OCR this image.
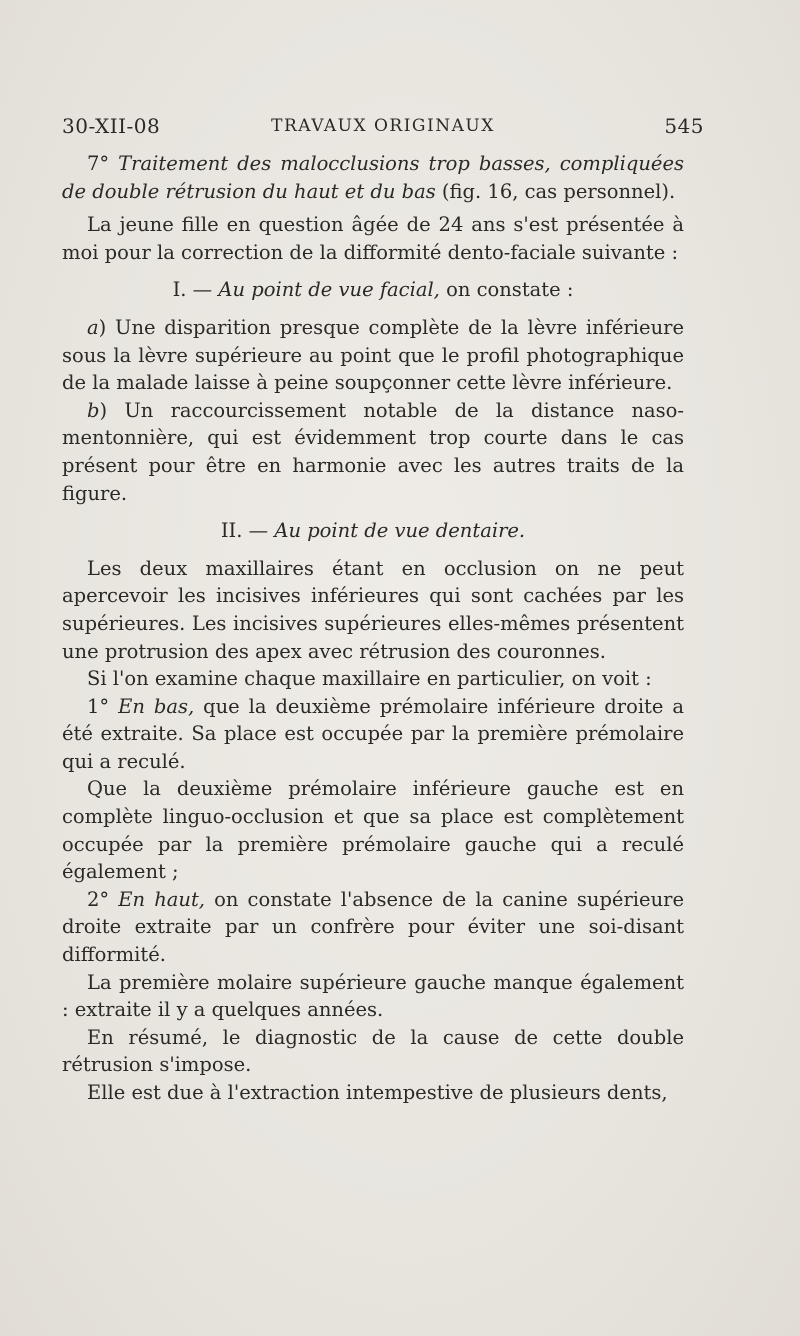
30-XII-08	TRAVAUX ORIGINAUX	545

7° Traitement des malocclusions trop basses, compliquées de double rétrusion du haut et du bas (fig. 16, cas personnel).

La jeune fille en question âgée de 24 ans s'est présentée à moi pour la correction de la difformité dento-faciale suivante :

I. — Au point de vue facial, on constate :

a) Une disparition presque complète de la lèvre inférieure sous la lèvre supérieure au point que le profil photographique de la malade laisse à peine soupçonner cette lèvre inférieure.

b) Un raccourcissement notable de la distance naso-mentonnière, qui est évidemment trop courte dans le cas présent pour être en harmonie avec les autres traits de la figure.

II. — Au point de vue dentaire.

Les deux maxillaires étant en occlusion on ne peut apercevoir les incisives inférieures qui sont cachées par les supérieures. Les incisives supérieures elles-mêmes présentent une protrusion des apex avec rétrusion des couronnes.

Si l'on examine chaque maxillaire en particulier, on voit :

1° En bas, que la deuxième prémolaire inférieure droite a été extraite. Sa place est occupée par la première prémolaire qui a reculé.

Que la deuxième prémolaire inférieure gauche est en complète linguo-occlusion et que sa place est complètement occupée par la première prémolaire gauche qui a reculé également ;

2° En haut, on constate l'absence de la canine supérieure droite extraite par un confrère pour éviter une soi-disant difformité.

La première molaire supérieure gauche manque également : extraite il y a quelques années.

En résumé, le diagnostic de la cause de cette double rétrusion s'impose.

Elle est due à l'extraction intempestive de plusieurs dents,
